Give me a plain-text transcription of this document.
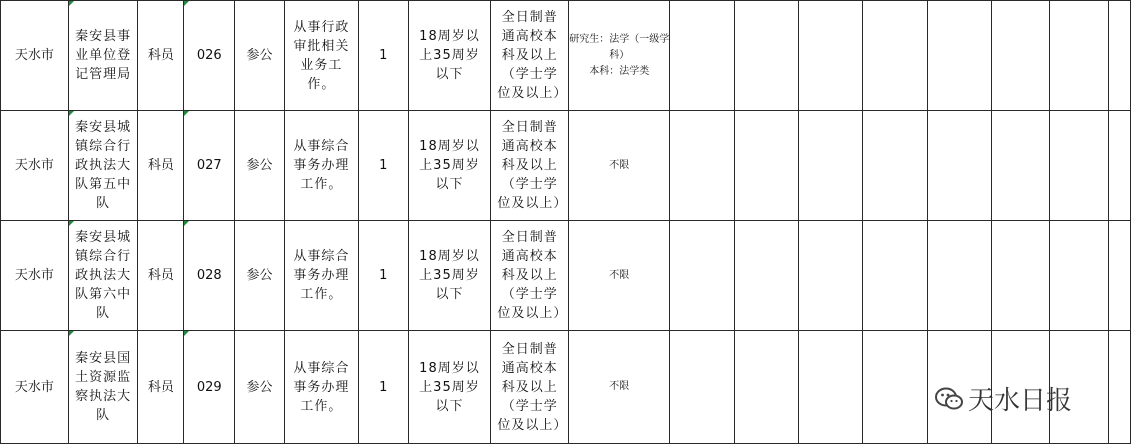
天水市	秦安县事业单位登记管理局	科员	026	参公	从事行政审批相关业务工作。	1	18周岁以上35周岁以下	全日制普通高校本科及以上（学士学位及以上）	研究生：法学（一级学科）
本科：法学类								
天水市	秦安县城镇综合行政执法大队第五中队	科员	027	参公	从事综合事务办理工作。	1	18周岁以上35周岁以下	全日制普通高校本科及以上（学士学位及以上）	不限								
天水市	秦安县城镇综合行政执法大队第六中队	科员	028	参公	从事综合事务办理工作。	1	18周岁以上35周岁以下	全日制普通高校本科及以上（学士学位及以上）	不限								
天水市	秦安县国土资源监察执法大队	科员	029	参公	从事综合事务办理工作。	1	18周岁以上35周岁以下	全日制普通高校本科及以上（学士学位及以上）	不限									天水日报
